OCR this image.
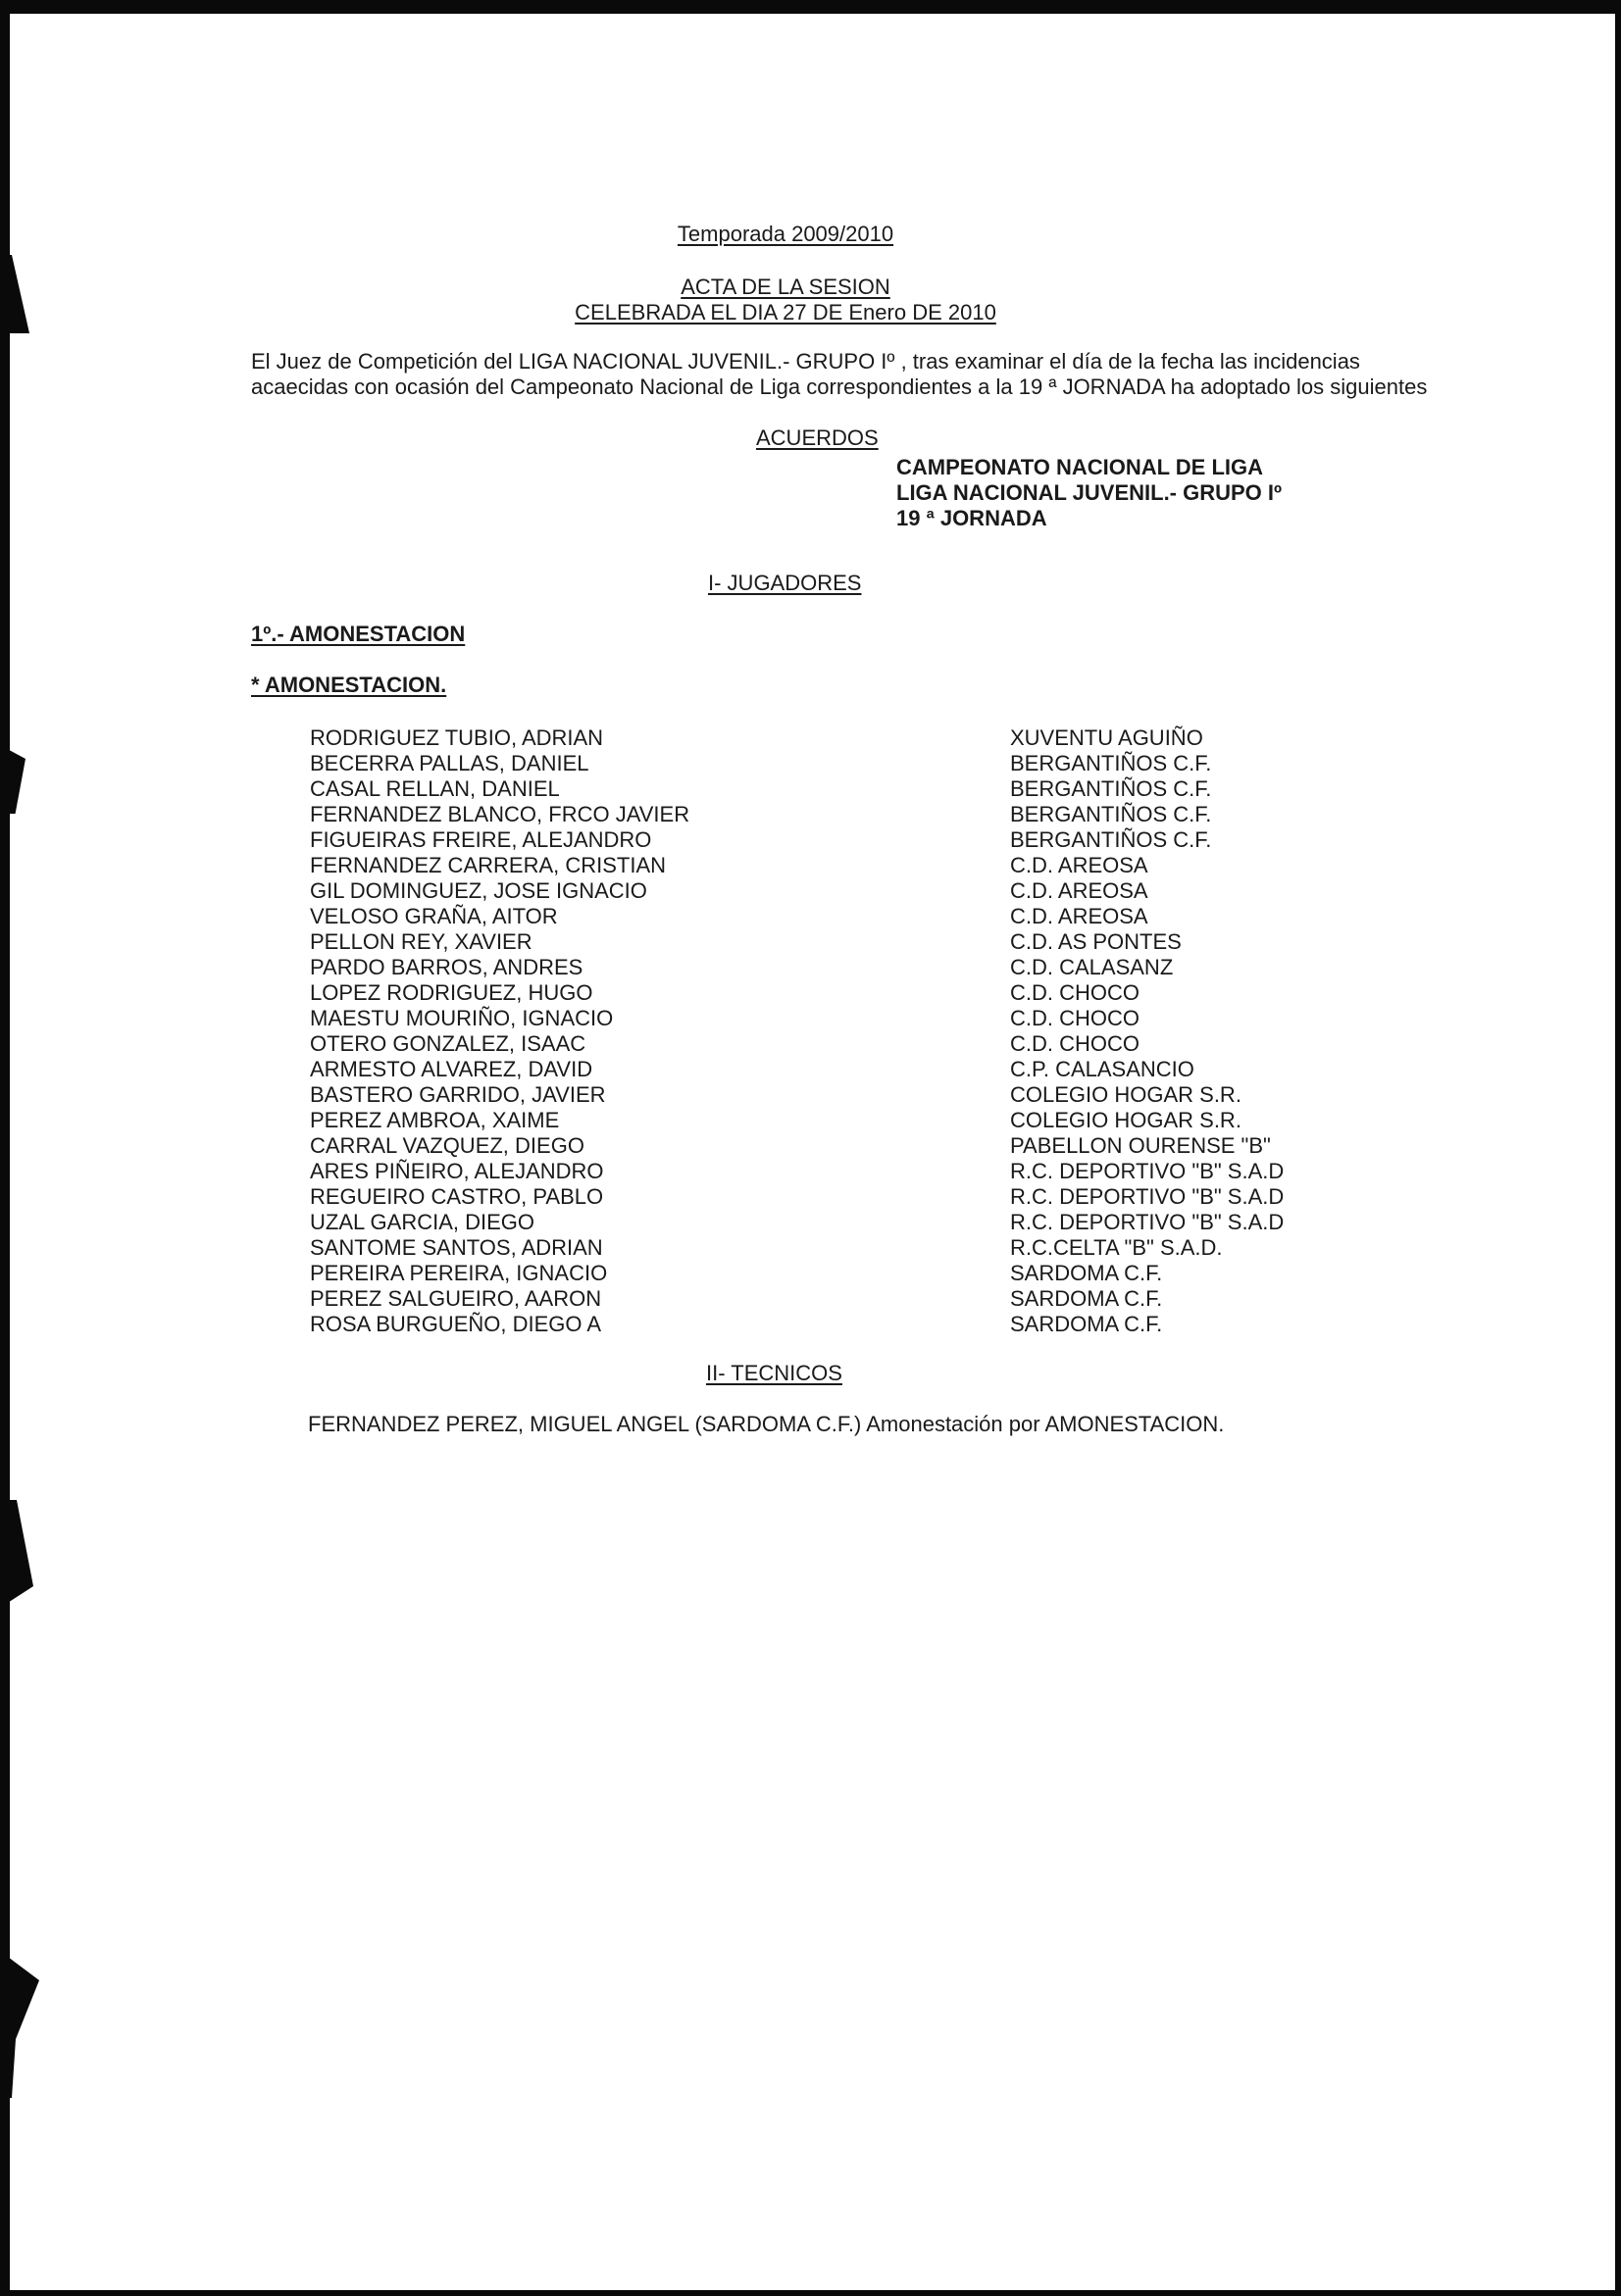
Temporada 2009/2010
ACTA DE LA SESION
CELEBRADA EL DIA 27 DE Enero DE 2010
El Juez de Competición del LIGA NACIONAL JUVENIL.- GRUPO Iº , tras examinar el día de la fecha las incidencias
acaecidas con ocasión del Campeonato Nacional de Liga correspondientes a la 19 ª JORNADA ha adoptado los siguientes
ACUERDOS
CAMPEONATO NACIONAL DE LIGA
LIGA NACIONAL JUVENIL.- GRUPO Iº
19 ª JORNADA
I- JUGADORES
1º.- AMONESTACION
* AMONESTACION.
RODRIGUEZ TUBIO, ADRIAN	XUVENTU AGUIÑO
BECERRA PALLAS, DANIEL	BERGANTIÑOS C.F.
CASAL RELLAN, DANIEL	BERGANTIÑOS C.F.
FERNANDEZ BLANCO, FRCO JAVIER	BERGANTIÑOS C.F.
FIGUEIRAS FREIRE, ALEJANDRO	BERGANTIÑOS C.F.
FERNANDEZ CARRERA, CRISTIAN	C.D. AREOSA
GIL DOMINGUEZ, JOSE IGNACIO	C.D. AREOSA
VELOSO GRAÑA, AITOR	C.D. AREOSA
PELLON REY, XAVIER	C.D. AS PONTES
PARDO BARROS, ANDRES	C.D. CALASANZ
LOPEZ RODRIGUEZ, HUGO	C.D. CHOCO
MAESTU MOURIÑO, IGNACIO	C.D. CHOCO
OTERO GONZALEZ, ISAAC	C.D. CHOCO
ARMESTO ALVAREZ, DAVID	C.P. CALASANCIO
BASTERO GARRIDO, JAVIER	COLEGIO HOGAR S.R.
PEREZ AMBROA, XAIME	COLEGIO HOGAR S.R.
CARRAL VAZQUEZ, DIEGO	PABELLON OURENSE "B"
ARES PIÑEIRO, ALEJANDRO	R.C. DEPORTIVO "B" S.A.D
REGUEIRO CASTRO, PABLO	R.C. DEPORTIVO "B" S.A.D
UZAL GARCIA, DIEGO	R.C. DEPORTIVO "B" S.A.D
SANTOME SANTOS, ADRIAN	R.C.CELTA "B" S.A.D.
PEREIRA PEREIRA, IGNACIO	SARDOMA C.F.
PEREZ SALGUEIRO, AARON	SARDOMA C.F.
ROSA BURGUEÑO, DIEGO A	SARDOMA C.F.
II- TECNICOS
FERNANDEZ PEREZ, MIGUEL ANGEL (SARDOMA C.F.) Amonestación por AMONESTACION.
